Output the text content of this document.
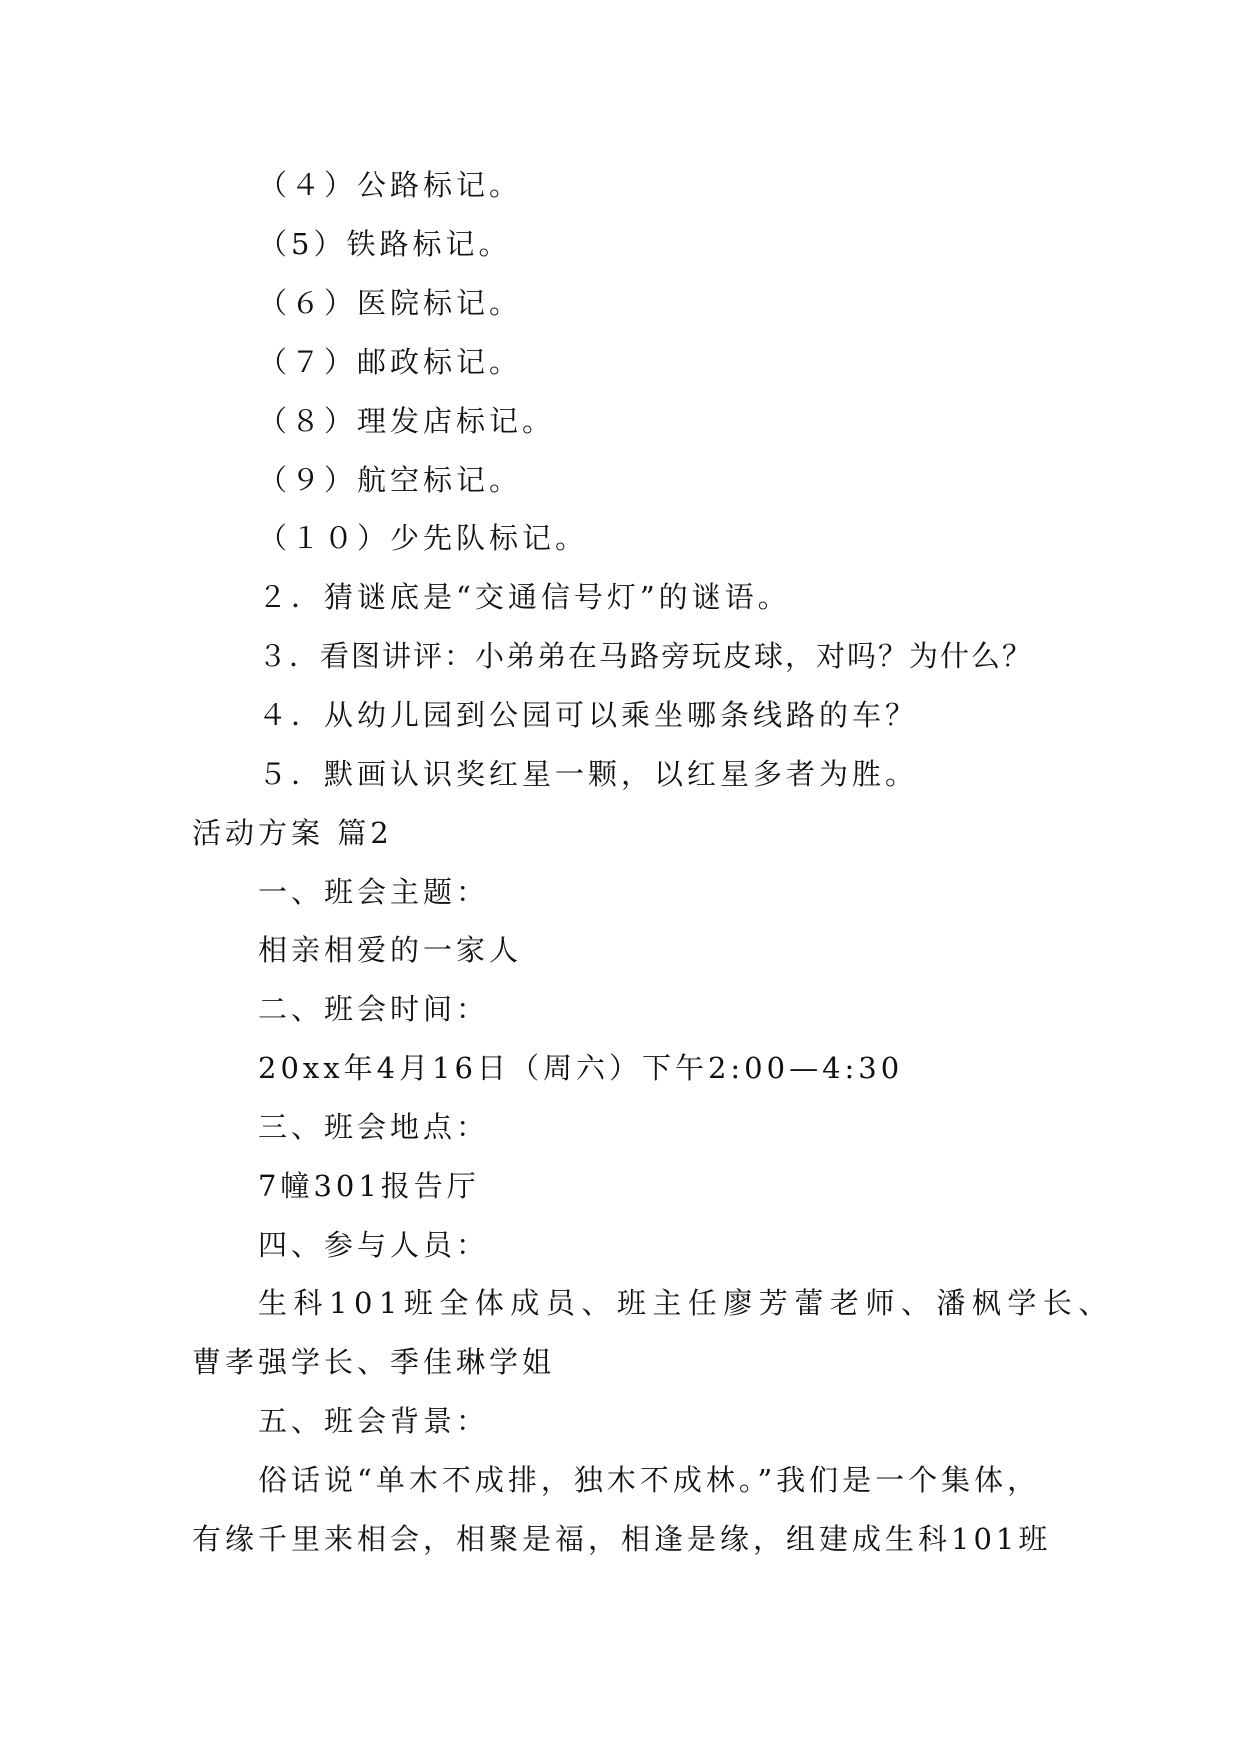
（４）公路标记。
（5）铁路标记。
（６）医院标记。
（７）邮政标记。
（８）理发店标记。
（９）航空标记。
（１０）少先队标记。
２．猜谜底是“交通信号灯”的谜语。
３．看图讲评：小弟弟在马路旁玩皮球，对吗？为什么？
４．从幼儿园到公园可以乘坐哪条线路的车？
５．默画认识奖红星一颗，以红星多者为胜。
活动方案 篇2
一、班会主题：
相亲相爱的一家人
二、班会时间：
20xx年4月16日（周六）下午2:00—4:30
三、班会地点：
7幢301报告厅
四、参与人员：
生科101班全体成员、班主任廖芳蕾老师、潘枫学长、
曹孝强学长、季佳琳学姐
五、班会背景：
俗话说“单木不成排，独木不成林。”我们是一个集体，
有缘千里来相会，相聚是福，相逢是缘，组建成生科101班
